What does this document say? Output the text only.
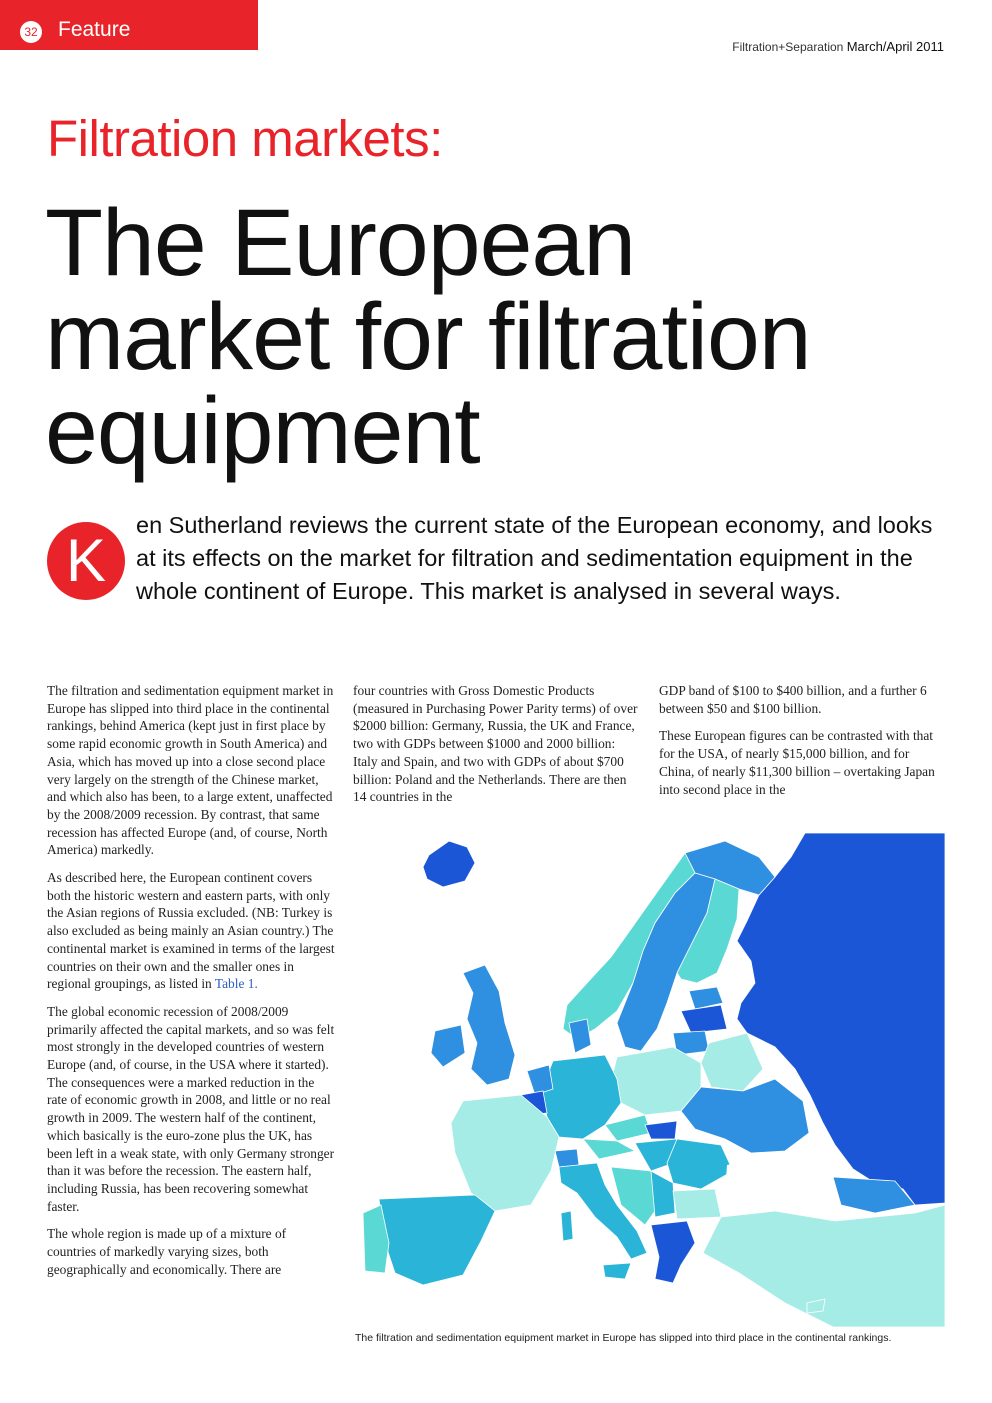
32 Feature
Filtration+Separation March/April 2011
Filtration markets:
The European
market for filtration
equipment
K

en Sutherland reviews the current state of the European economy, and looks at its effects on the market for filtration and sedimentation equipment in the whole continent of Europe. This market is analysed in several ways.

The filtration and sedimentation equipment market in Europe has slipped into third place in the continental rankings, behind America (kept just in first place by some rapid economic growth in South America) and Asia, which has moved up into a close second place very largely on the strength of the Chinese market, and which also has been, to a large extent, unaffected by the 2008/2009 recession. By contrast, that same recession has affected Europe (and, of course, North America) markedly.

As described here, the European continent covers both the historic western and eastern parts, with only the Asian regions of Russia excluded. (NB: Turkey is also excluded as being mainly an Asian country.) The continental market is examined in terms of the largest countries on their own and the smaller ones in regional groupings, as listed in Table 1.

The global economic recession of 2008/2009 primarily affected the capital markets, and so was felt most strongly in the developed countries of western Europe (and, of course, in the USA where it started). The consequences were a marked reduction in the rate of economic growth in 2008, and little or no real growth in 2009. The western half of the continent, which basically is the euro-zone plus the UK, has been left in a weak state, with only Germany stronger than it was before the recession. The eastern half, including Russia, has been recovering somewhat faster.

The whole region is made up of a mixture of countries of markedly varying sizes, both geographically and economically. There are

four countries with Gross Domestic Products (measured in Purchasing Power Parity terms) of over $2000 billion: Germany, Russia, the UK and France, two with GDPs between $1000 and 2000 billion: Italy and Spain, and two with GDPs of about $700 billion: Poland and the Netherlands. There are then 14 countries in the

GDP band of $100 to $400 billion, and a further 6 between $50 and $100 billion.

These European figures can be contrasted with that for the USA, of nearly $15,000 billion, and for China, of nearly $11,300 billion – overtaking Japan into second place in the

The filtration and sedimentation equipment market in Europe has slipped into third place in the continental rankings.
